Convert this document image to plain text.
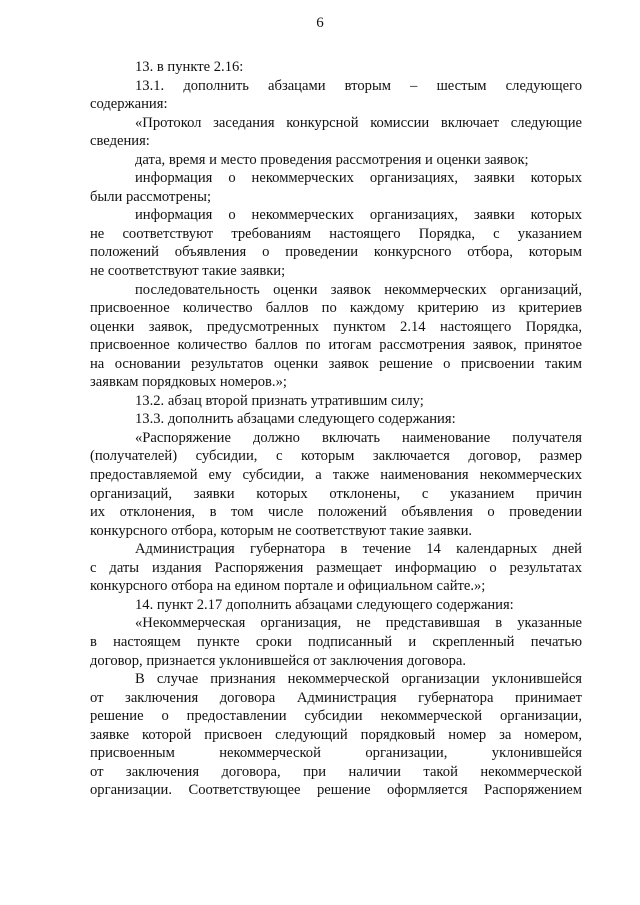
6
13. в пункте 2.16:
13.1. дополнить абзацами вторым – шестым следующего
содержания:
«Протокол заседания конкурсной комиссии включает следующие
сведения:
дата, время и место проведения рассмотрения и оценки заявок;
информация о некоммерческих организациях, заявки которых
были рассмотрены;
информация о некоммерческих организациях, заявки которых
не соответствуют требованиям настоящего Порядка, с указанием
положений объявления о проведении конкурсного отбора, которым
не соответствуют такие заявки;
последовательность оценки заявок некоммерческих организаций,
присвоенное количество баллов по каждому критерию из критериев
оценки заявок, предусмотренных пунктом 2.14 настоящего Порядка,
присвоенное количество баллов по итогам рассмотрения заявок, принятое
на основании результатов оценки заявок решение о присвоении таким
заявкам порядковых номеров.»;
13.2. абзац второй признать утратившим силу;
13.3. дополнить абзацами следующего содержания:
«Распоряжение должно включать наименование получателя
(получателей) субсидии, с которым заключается договор, размер
предоставляемой ему субсидии, а также наименования некоммерческих
организаций, заявки которых отклонены, с указанием причин
их отклонения, в том числе положений объявления о проведении
конкурсного отбора, которым не соответствуют такие заявки.
Администрация губернатора в течение 14 календарных дней
с даты издания Распоряжения размещает информацию о результатах
конкурсного отбора на едином портале и официальном сайте.»;
14. пункт 2.17 дополнить абзацами следующего содержания:
«Некоммерческая организация, не представившая в указанные
в настоящем пункте сроки подписанный и скрепленный печатью
договор, признается уклонившейся от заключения договора.
В случае признания некоммерческой организации уклонившейся
от заключения договора Администрация губернатора принимает
решение о предоставлении субсидии некоммерческой организации,
заявке которой присвоен следующий порядковый номер за номером,
присвоенным некоммерческой организации, уклонившейся
от заключения договора, при наличии такой некоммерческой
организации. Соответствующее решение оформляется Распоряжением
